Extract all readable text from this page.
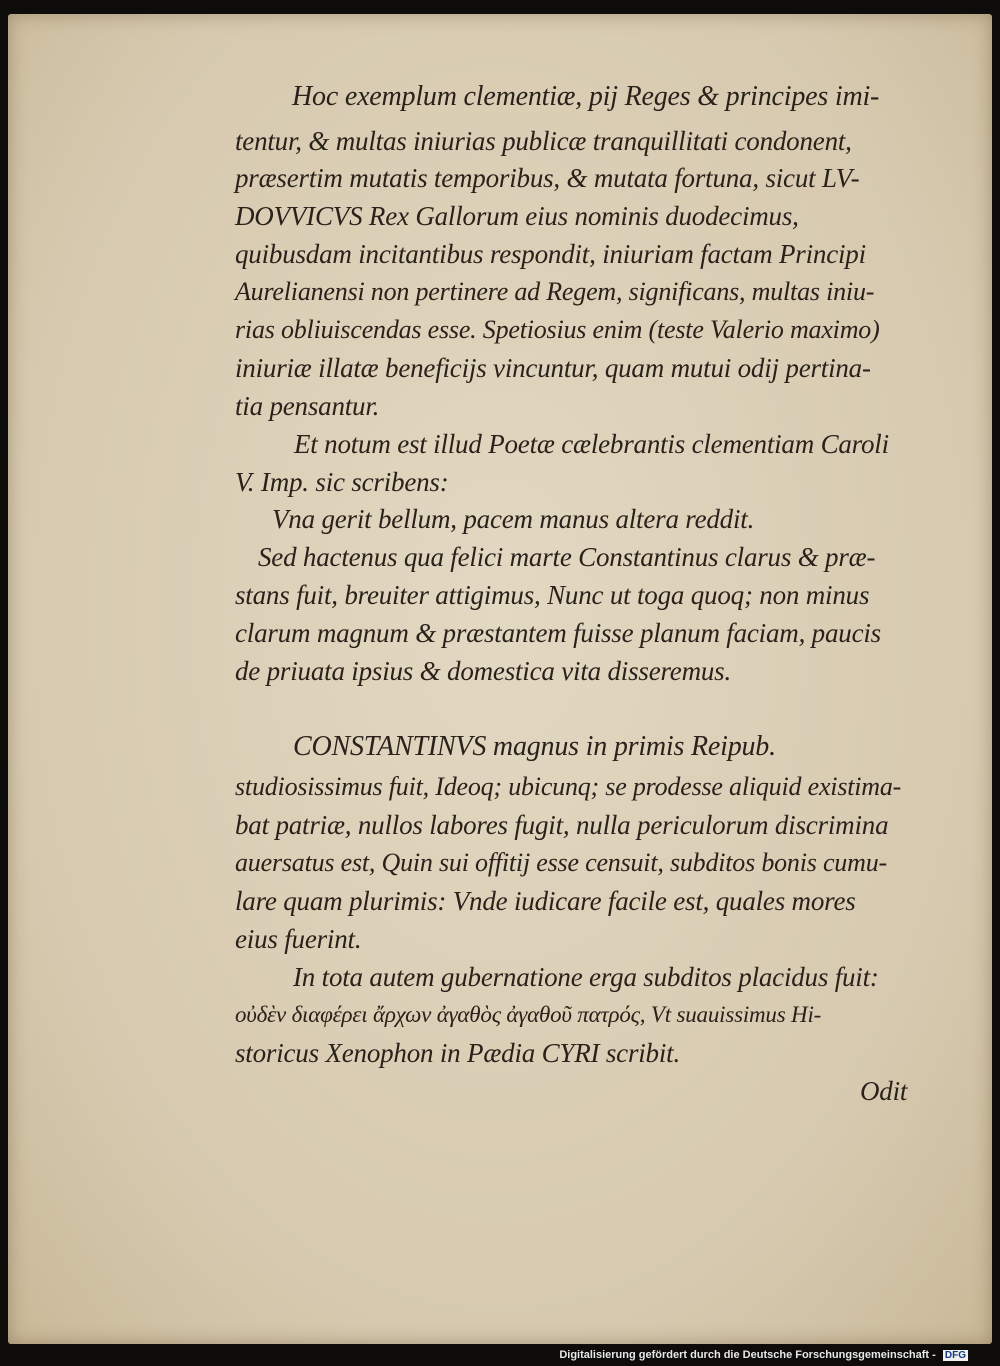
Hoc exemplum clementiæ, pij Reges & principes imi-

tentur, & multas iniurias publicæ tranquillitati condonent,

præsertim mutatis temporibus, & mutata fortuna, sicut LV-

DOVVICVS Rex Gallorum eius nominis duodecimus,

quibusdam incitantibus respondit, iniuriam factam Principi

Aurelianensi non pertinere ad Regem, significans, multas iniu-

rias obliuiscendas esse. Spetiosius enim (teste Valerio maximo)

iniuriæ illatæ beneficijs vincuntur, quam mutui odij pertina-

tia pensantur.

Et notum est illud Poetæ cælebrantis clementiam Caroli

V. Imp. sic scribens:

Vna gerit bellum, pacem manus altera reddit.

Sed hactenus qua felici marte Constantinus clarus & præ-

stans fuit, breuiter attigimus, Nunc ut toga quoq; non minus

clarum magnum & præstantem fuisse planum faciam, paucis

de priuata ipsius & domestica vita disseremus.

CONSTANTINVS magnus in primis Reipub.

studiosissimus fuit, Ideoq; ubicunq; se prodesse aliquid existima-

bat patriæ, nullos labores fugit, nulla periculorum discrimina

auersatus est, Quin sui offitij esse censuit, subditos bonis cumu-

lare quam plurimis: Vnde iudicare facile est, quales mores

eius fuerint.

In tota autem gubernatione erga subditos placidus fuit:

οὐδὲν διαφέρει ἄρχων ἀγαθὸς ἀγαθοῦ πατρός, Vt suauissimus Hi-

storicus Xenophon in Pædia CYRI scribit.

Odit

Digitalisierung gefördert durch die Deutsche Forschungsgemeinschaft - DFG
